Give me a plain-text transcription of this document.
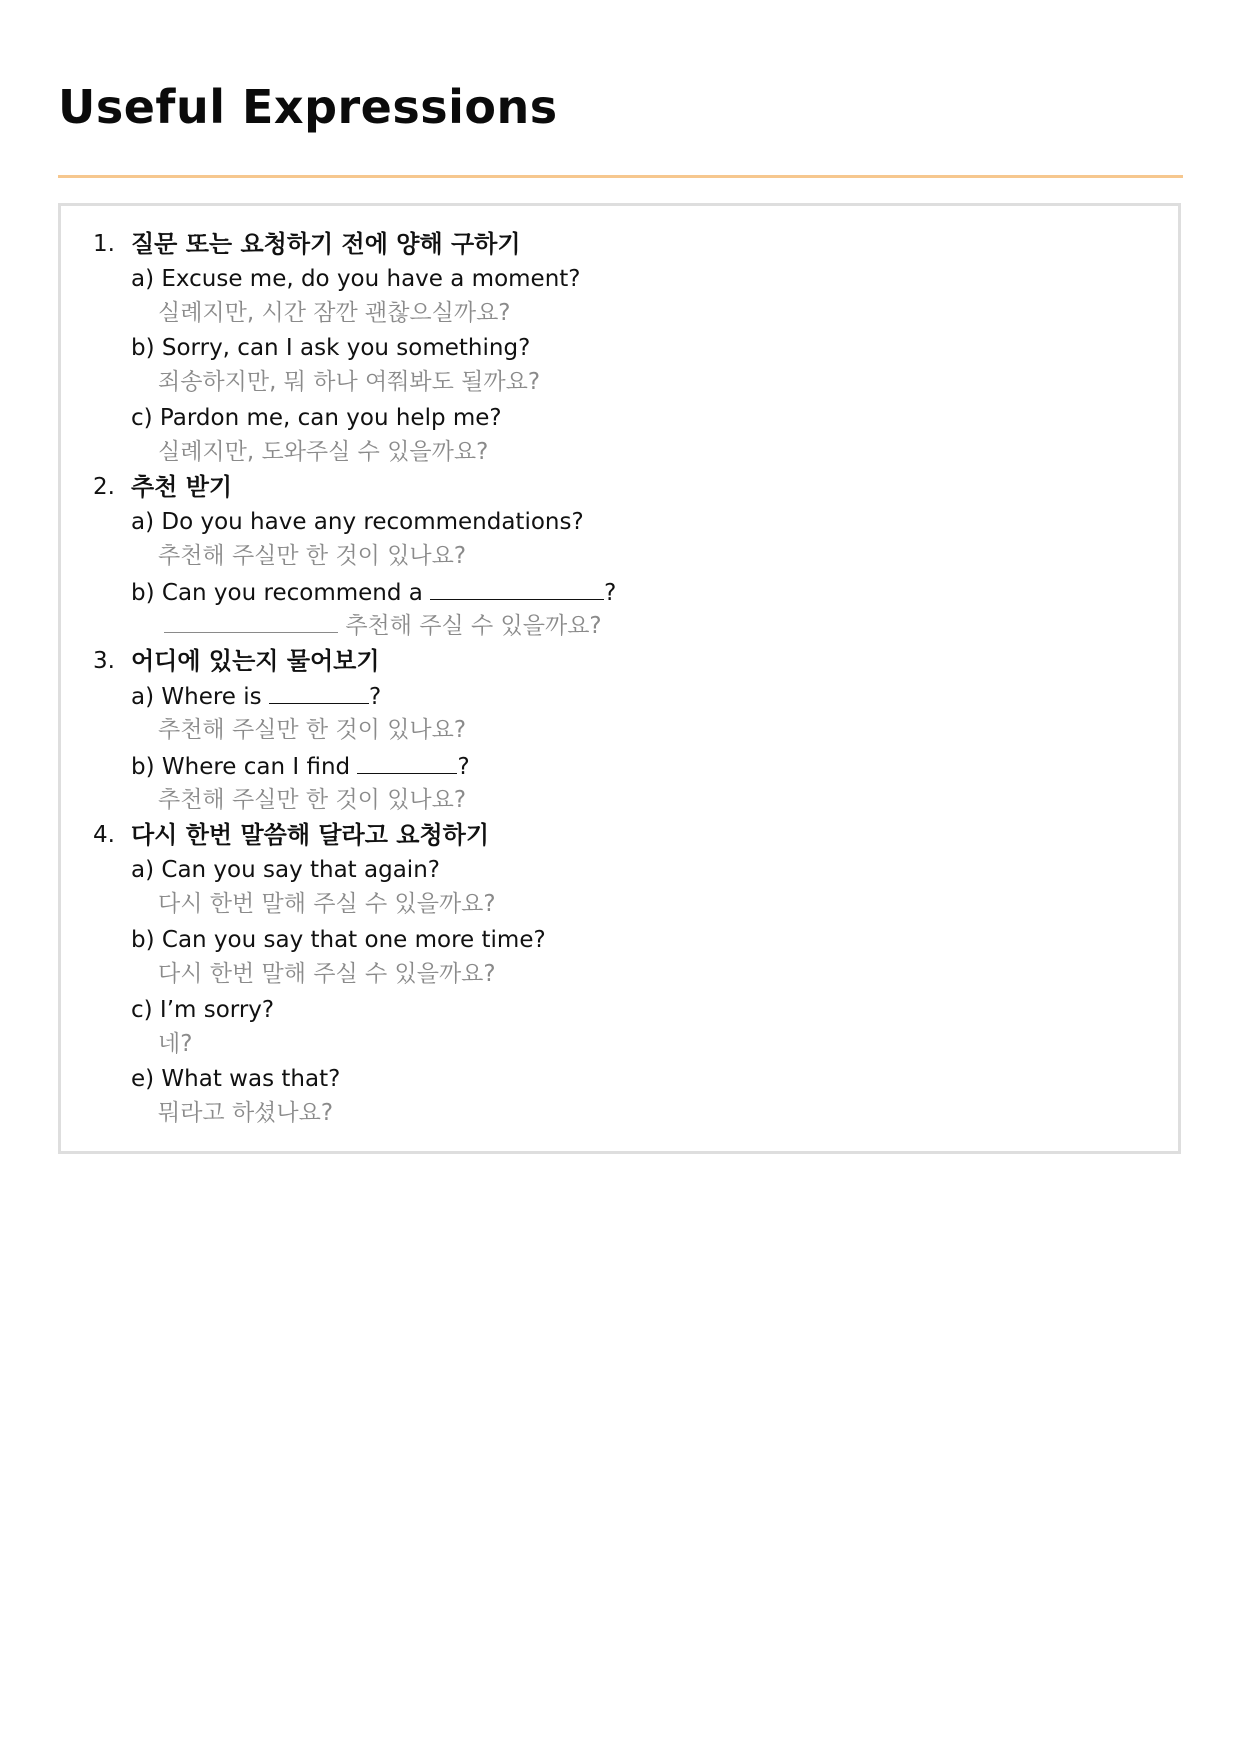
Useful Expressions
1. 질문 또는 요청하기 전에 양해 구하기
a) Excuse me, do you have a moment?
실례지만, 시간 잠깐 괜찮으실까요?
b) Sorry, can I ask you something?
죄송하지만, 뭐 하나 여쭤봐도 될까요?
c) Pardon me, can you help me?
실례지만, 도와주실 수 있을까요?
2. 추천 받기
a) Do you have any recommendations?
추천해 주실만 한 것이 있나요?
b) Can you recommend a	?
추천해 주실 수 있을까요?
3. 어디에 있는지 물어보기
a) Where is	?
추천해 주실만 한 것이 있나요?
b) Where can I find	?
추천해 주실만 한 것이 있나요?
4. 다시 한번 말씀해 달라고 요청하기
a) Can you say that again?
다시 한번 말해 주실 수 있을까요?
b) Can you say that one more time?
다시 한번 말해 주실 수 있을까요?
c) I’m sorry?
네?
e) What was that?
뭐라고 하셨나요?
